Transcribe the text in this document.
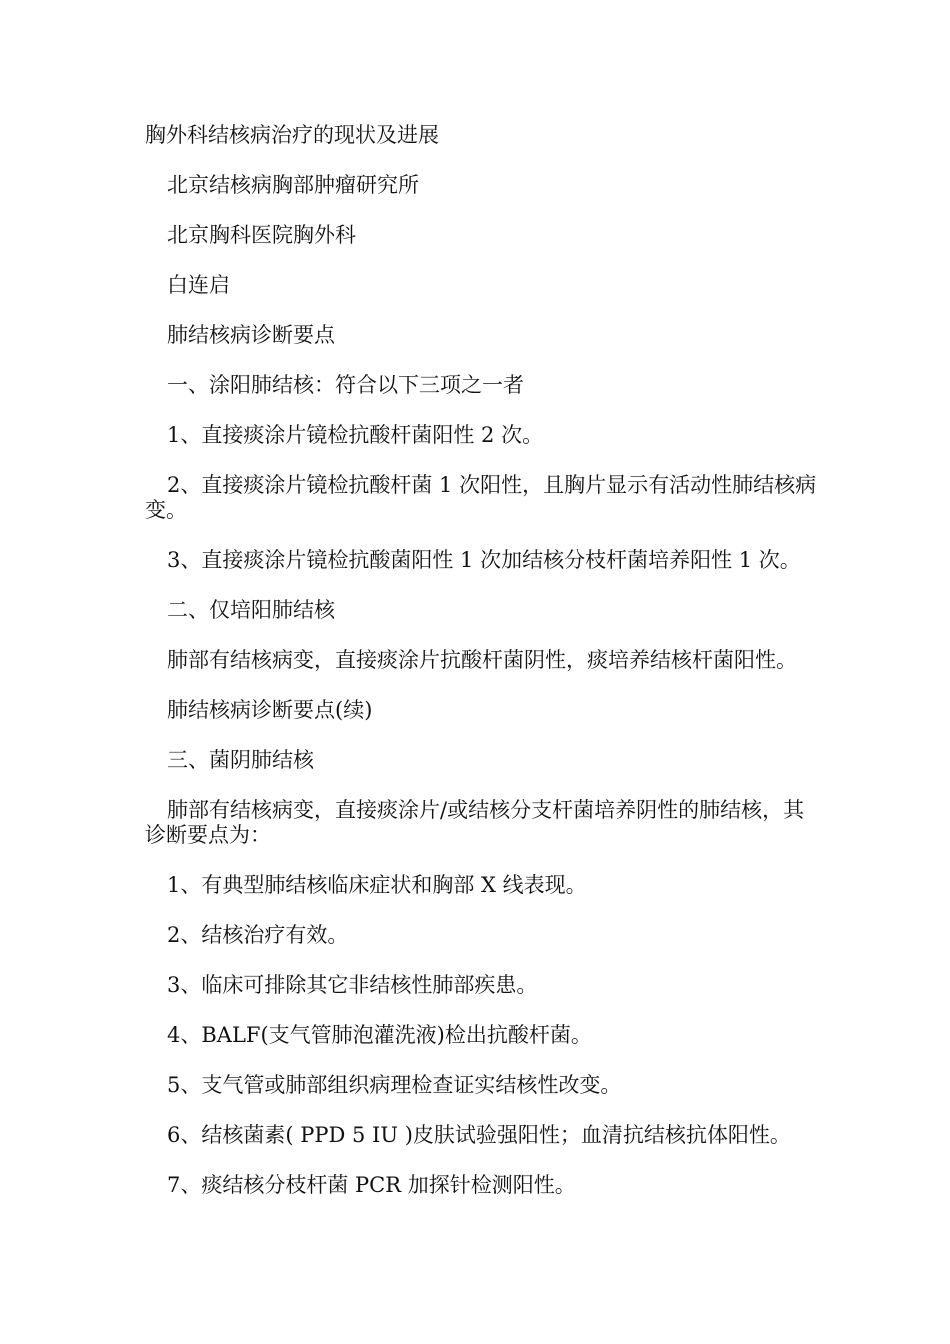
胸外科结核病治疗的现状及进展

北京结核病胸部肿瘤研究所

北京胸科医院胸外科

白连启

肺结核病诊断要点

一、涂阳肺结核：符合以下三项之一者

1、直接痰涂片镜检抗酸杆菌阳性 2 次。

2、直接痰涂片镜检抗酸杆菌 1 次阳性，且胸片显示有活动性肺结核病变。

3、直接痰涂片镜检抗酸菌阳性 1 次加结核分枝杆菌培养阳性 1 次。

二、仅培阳肺结核

肺部有结核病变，直接痰涂片抗酸杆菌阴性，痰培养结核杆菌阳性。

肺结核病诊断要点(续)

三、菌阴肺结核

肺部有结核病变，直接痰涂片/或结核分支杆菌培养阴性的肺结核，其诊断要点为：

1、有典型肺结核临床症状和胸部 X 线表现。

2、结核治疗有效。

3、临床可排除其它非结核性肺部疾患。

4、BALF(支气管肺泡灌洗液)检出抗酸杆菌。

5、支气管或肺部组织病理检查证实结核性改变。

6、结核菌素( PPD 5 IU )皮肤试验强阳性；血清抗结核抗体阳性。

7、痰结核分枝杆菌 PCR 加探针检测阳性。
